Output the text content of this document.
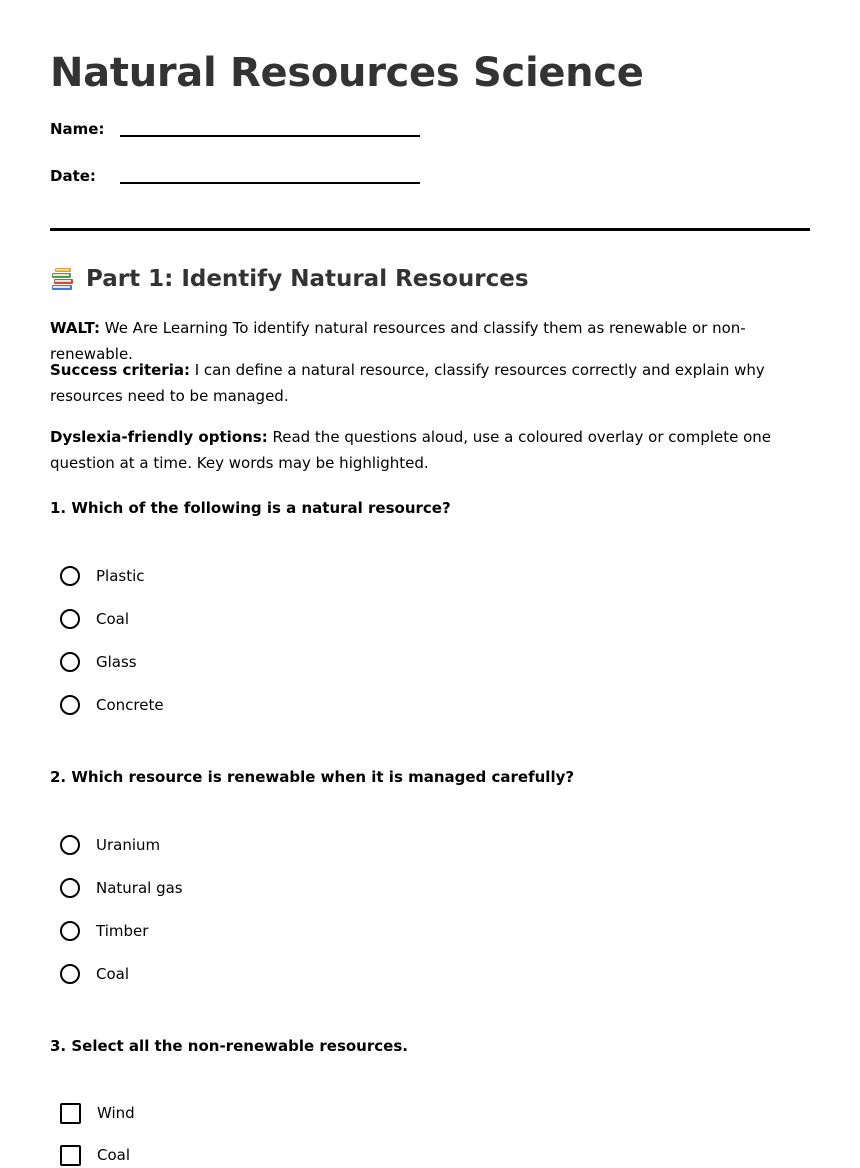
Natural Resources Science
Name:
Date:
Part 1: Identify Natural Resources

WALT: We Are Learning To identify natural resources and classify them as renewable or non-renewable.

Success criteria: I can define a natural resource, classify resources correctly and explain why resources need to be managed.

Dyslexia-friendly options: Read the questions aloud, use a coloured overlay or complete one question at a time. Key words may be highlighted.

1. Which of the following is a natural resource?

Plastic
Coal
Glass
Concrete

2. Which resource is renewable when it is managed carefully?

Uranium
Natural gas
Timber
Coal

3. Select all the non-renewable resources.

Wind
Coal
